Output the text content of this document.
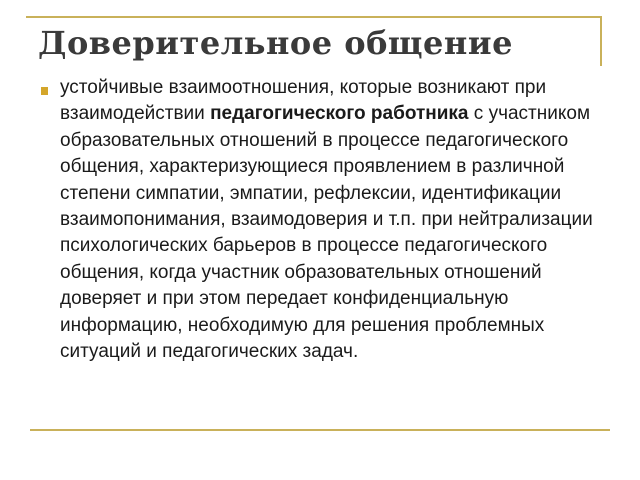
Доверительное общение
устойчивые взаимоотношения, которые возникают при взаимодействии педагогического работника с участником образовательных отношений в процессе педагогического общения, характеризующиеся проявлением в различной степени симпатии, эмпатии, рефлексии, идентификации взаимопонимания, взаимодоверия и т.п. при нейтрализации психологических барьеров в процессе педагогического общения, когда участник образовательных отношений доверяет и при этом передает конфиденциальную информацию, необходимую для решения проблемных ситуаций и педагогических задач.
